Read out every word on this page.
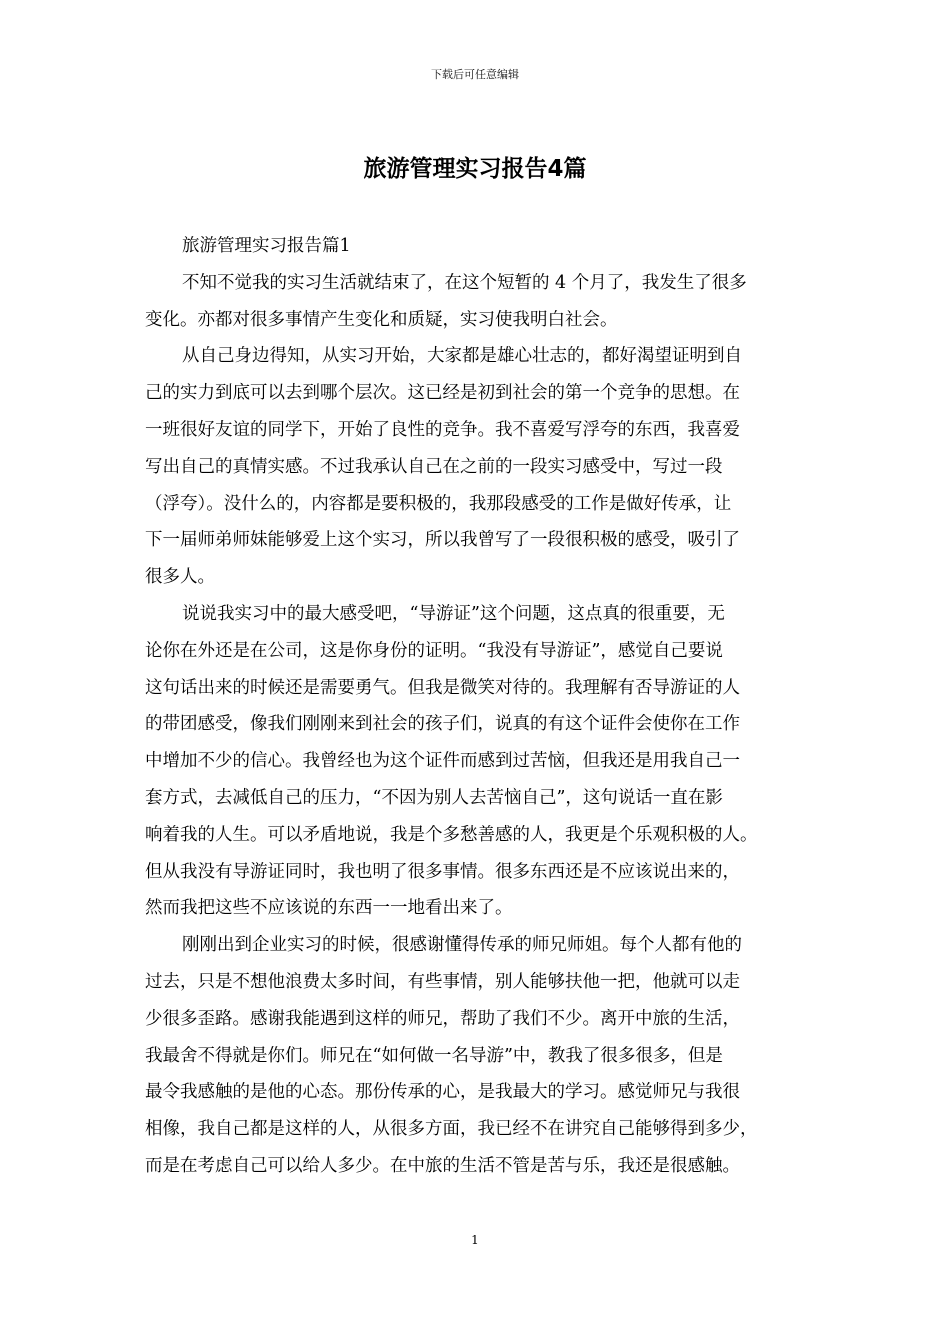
下载后可任意编辑
旅游管理实习报告4篇

旅游管理实习报告篇1

不知不觉我的实习生活就结束了，在这个短暂的 4 个月了，我发生了很多

变化。亦都对很多事情产生变化和质疑，实习使我明白社会。

从自己身边得知，从实习开始，大家都是雄心壮志的，都好渴望证明到自

己的实力到底可以去到哪个层次。这已经是初到社会的第一个竞争的思想。在

一班很好友谊的同学下，开始了良性的竞争。我不喜爱写浮夸的东西，我喜爱

写出自己的真情实感。不过我承认自己在之前的一段实习感受中，写过一段

（浮夸）。没什么的，内容都是要积极的，我那段感受的工作是做好传承，让

下一届师弟师妹能够爱上这个实习，所以我曾写了一段很积极的感受，吸引了

很多人。

说说我实习中的最大感受吧，“导游证”这个问题，这点真的很重要，无

论你在外还是在公司，这是你身份的证明。“我没有导游证”，感觉自己要说

这句话出来的时候还是需要勇气。但我是微笑对待的。我理解有否导游证的人

的带团感受，像我们刚刚来到社会的孩子们，说真的有这个证件会使你在工作

中增加不少的信心。我曾经也为这个证件而感到过苦恼，但我还是用我自己一

套方式，去减低自己的压力，“不因为别人去苦恼自己”，这句说话一直在影

响着我的人生。可以矛盾地说，我是个多愁善感的人，我更是个乐观积极的人。

但从我没有导游证同时，我也明了很多事情。很多东西还是不应该说出来的，

然而我把这些不应该说的东西一一地看出来了。

刚刚出到企业实习的时候，很感谢懂得传承的师兄师姐。每个人都有他的

过去，只是不想他浪费太多时间，有些事情，别人能够扶他一把，他就可以走

少很多歪路。感谢我能遇到这样的师兄，帮助了我们不少。离开中旅的生活，

我最舍不得就是你们。师兄在“如何做一名导游”中，教我了很多很多，但是

最令我感触的是他的心态。那份传承的心，是我最大的学习。感觉师兄与我很

相像，我自己都是这样的人，从很多方面，我已经不在讲究自己能够得到多少，

而是在考虑自己可以给人多少。在中旅的生活不管是苦与乐，我还是很感触。

1
